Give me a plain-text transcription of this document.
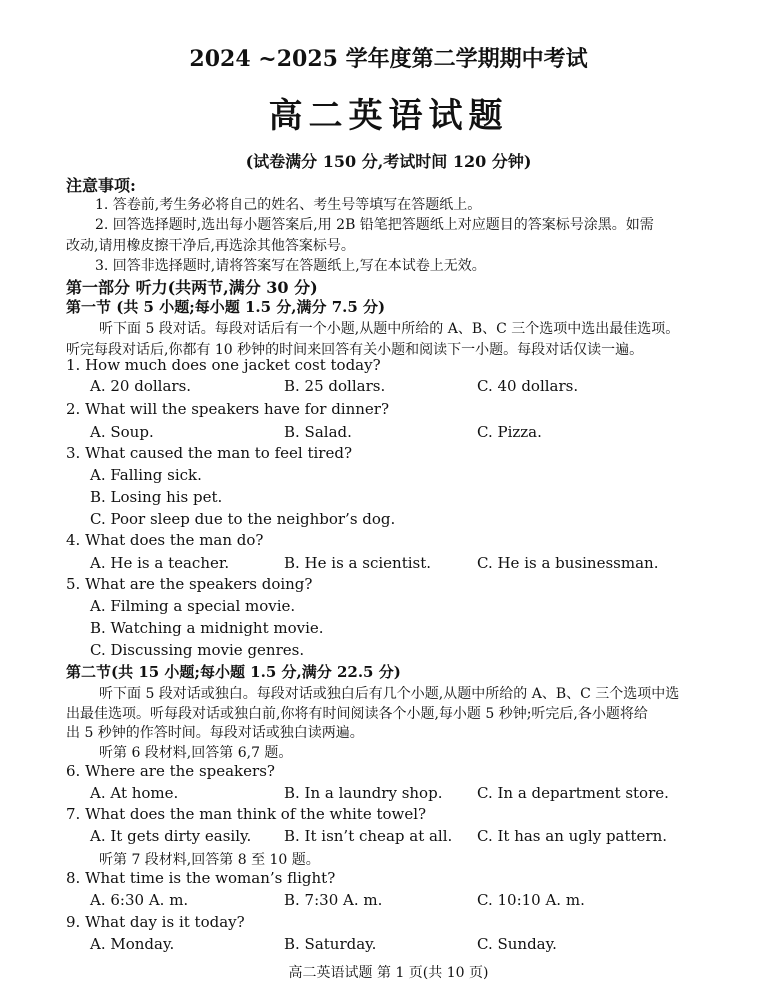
2024 ~2025 学年度第二学期期中考试
高二英语试题
(试卷满分 150 分,考试时间 120 分钟)
注意事项:
1. 答卷前,考生务必将自己的姓名、考生号等填写在答题纸上。
2. 回答选择题时,选出每小题答案后,用 2B 铅笔把答题纸上对应题目的答案标号涂黑。如需
改动,请用橡皮擦干净后,再选涂其他答案标号。
3. 回答非选择题时,请将答案写在答题纸上,写在本试卷上无效。
第一部分 听力(共两节,满分 30 分)
第一节 (共 5 小题;每小题 1.5 分,满分 7.5 分)
听下面 5 段对话。每段对话后有一个小题,从题中所给的 A、B、C 三个选项中选出最佳选项。
听完每段对话后,你都有 10 秒钟的时间来回答有关小题和阅读下一小题。每段对话仅读一遍。
1. How much does one jacket cost today?
A. 20 dollars.	B. 25 dollars.	C. 40 dollars.
2. What will the speakers have for dinner?
A. Soup.	B. Salad.	C. Pizza.
3. What caused the man to feel tired?
A. Falling sick.
B. Losing his pet.
C. Poor sleep due to the neighbor’s dog.
4. What does the man do?
A. He is a teacher.	B. He is a scientist.	C. He is a businessman.
5. What are the speakers doing?
A. Filming a special movie.
B. Watching a midnight movie.
C. Discussing movie genres.
第二节(共 15 小题;每小题 1.5 分,满分 22.5 分)
听下面 5 段对话或独白。每段对话或独白后有几个小题,从题中所给的 A、B、C 三个选项中选
出最佳选项。听每段对话或独白前,你将有时间阅读各个小题,每小题 5 秒钟;听完后,各小题将给
出 5 秒钟的作答时间。每段对话或独白读两遍。
听第 6 段材料,回答第 6,7 题。
6. Where are the speakers?
A. At home.	B. In a laundry shop. C. In a department store.
7. What does the man think of the white towel?
A. It gets dirty easily. B. It isn’t cheap at all. C. It has an ugly pattern.
听第 7 段材料,回答第 8 至 10 题。
8. What time is the woman’s flight?
A. 6:30 A. m.	B. 7:30 A. m.	C. 10:10 A. m.
9. What day is it today?
A. Monday.	B. Saturday.	C. Sunday.
高二英语试题 第 1 页(共 10 页)
